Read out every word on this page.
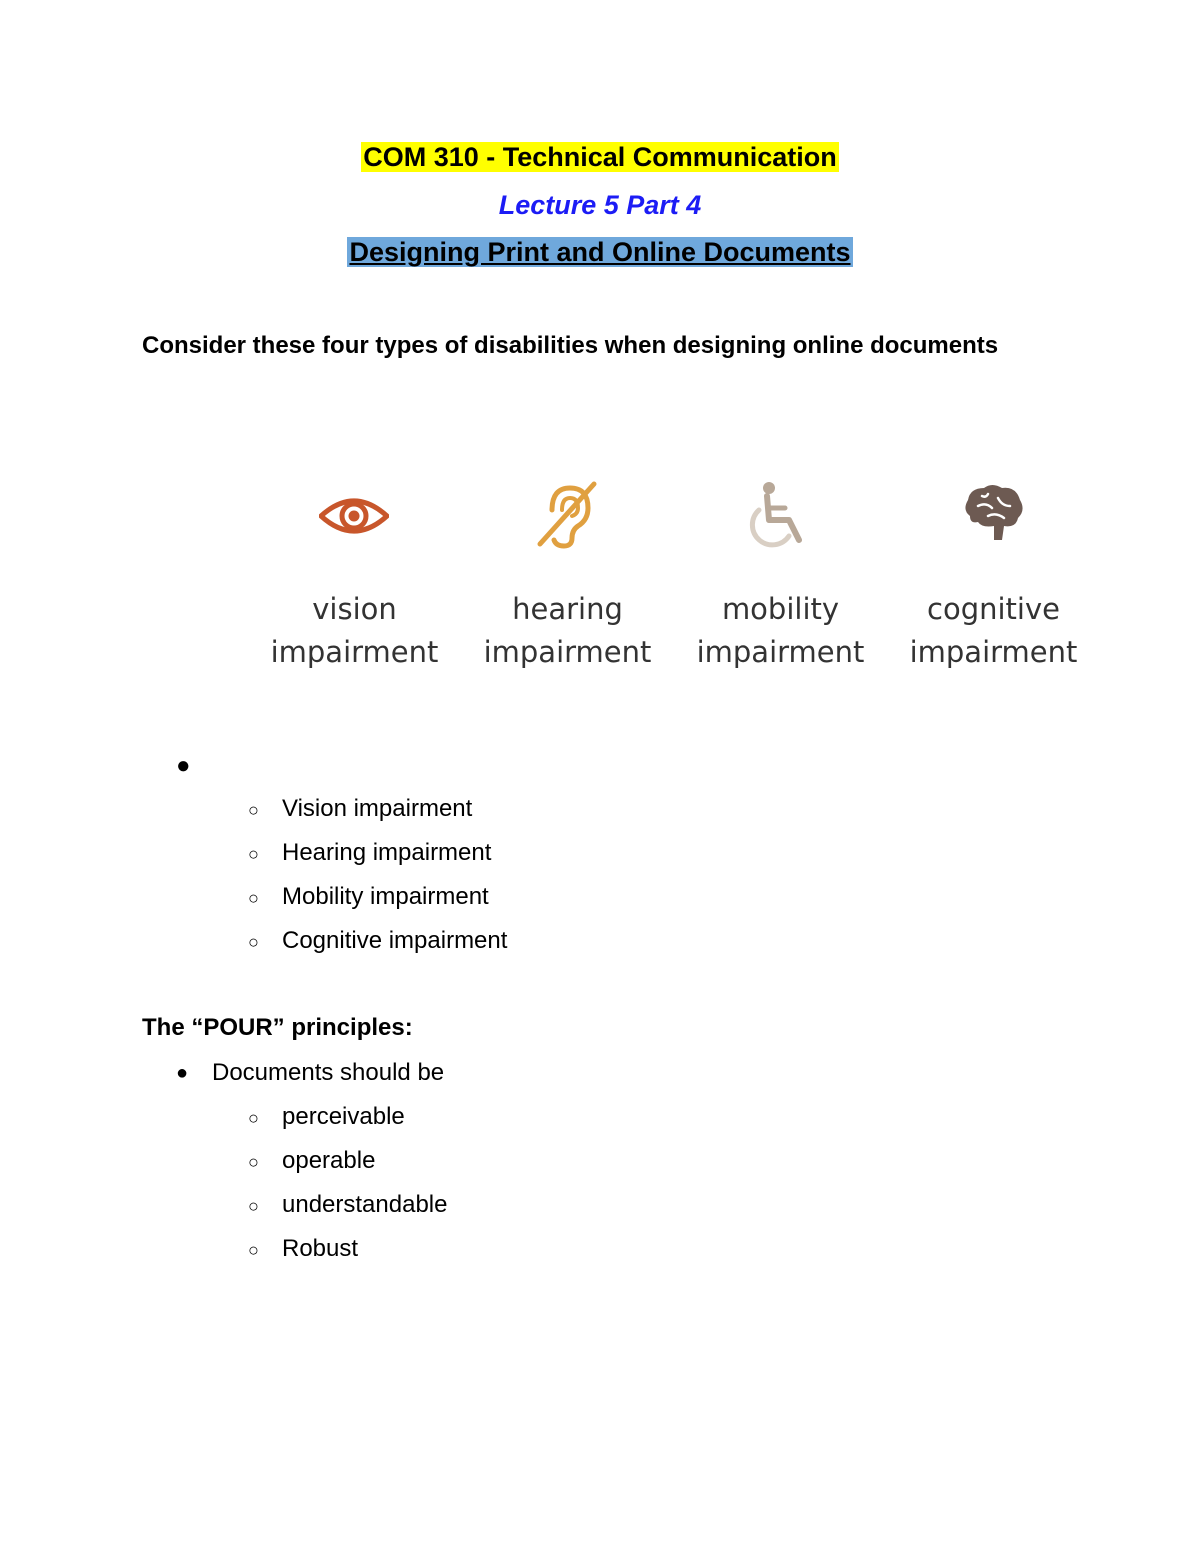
COM 310 - Technical Communication
Lecture 5 Part 4
Designing Print and Online Documents
Consider these four types of disabilities when designing online documents
vision
impairment
hearing
impairment
mobility
impairment
cognitive
impairment
●
○ Vision impairment
○ Hearing impairment
○ Mobility impairment
○ Cognitive impairment
The “POUR” principles:
● Documents should be
○ perceivable
○ operable
○ understandable
○ Robust
